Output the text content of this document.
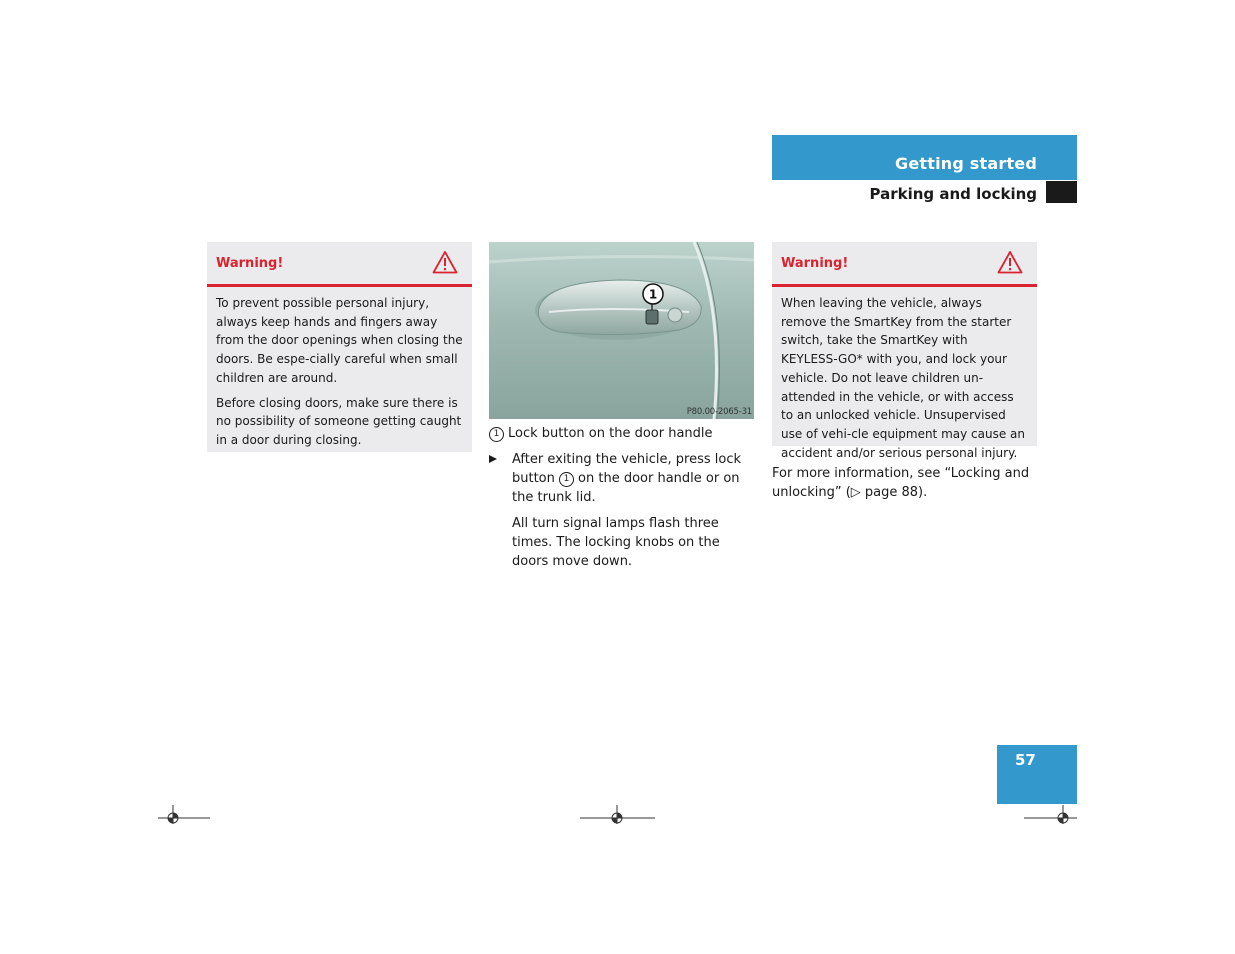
Getting started
Parking and locking
Warning!

To prevent possible personal injury, always keep hands and fingers away from the door openings when closing the doors. Be espe-cially careful when small children are around.

Before closing doors, make sure there is no possibility of someone getting caught in a door during closing.

1
P80.00-2065-31
1 Lock button on the door handle
After exiting the vehicle, press lock button 1 on the door handle or on the trunk lid.
All turn signal lamps flash three times. The locking knobs on the doors move down.
Warning!

When leaving the vehicle, always remove the SmartKey from the starter switch, take the SmartKey with KEYLESS-GO* with you, and lock your vehicle. Do not leave children un-attended in the vehicle, or with access to an unlocked vehicle. Unsupervised use of vehi-cle equipment may cause an accident and/or serious personal injury.

For more information, see “Locking and unlocking” (▷ page 88).
57
